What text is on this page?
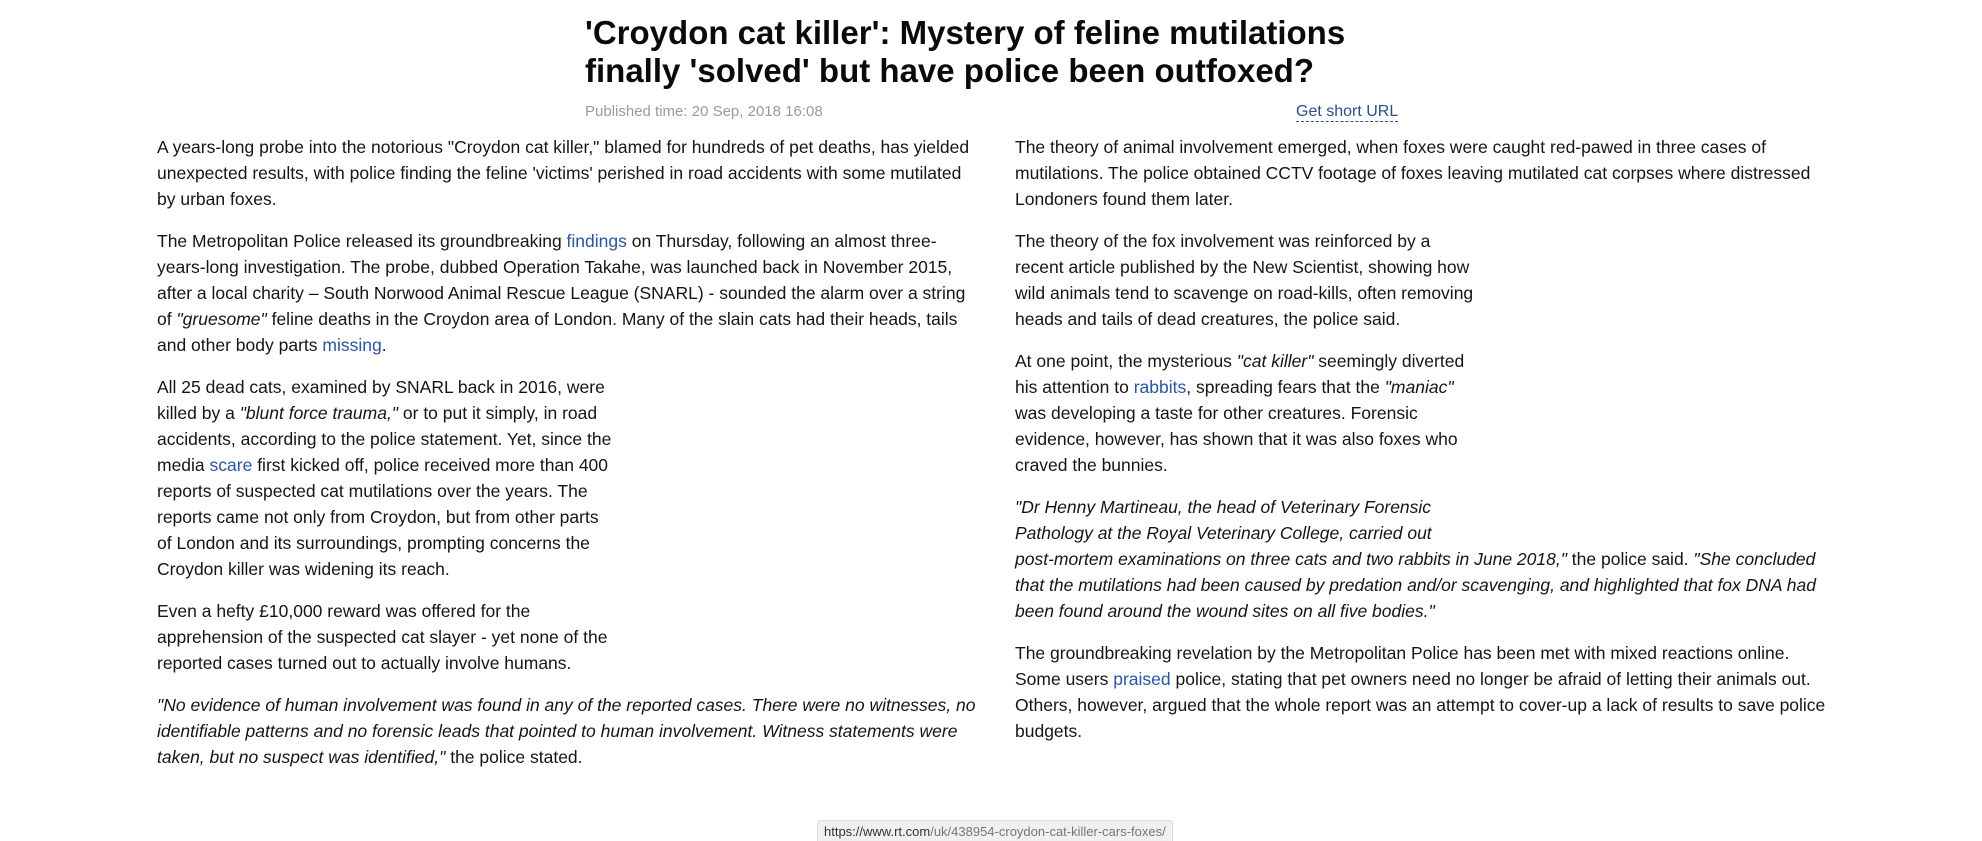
'Croydon cat killer': Mystery of feline mutilations
finally 'solved' but have police been outfoxed?
Published time: 20 Sep, 2018 16:08	Get short URL

A years-long probe into the notorious "Croydon cat killer," blamed for hundreds of pet deaths, has yielded unexpected results, with police finding the feline 'victims' perished in road accidents with some mutilated by urban foxes.

The Metropolitan Police released its groundbreaking findings on Thursday, following an almost three-years-long investigation. The probe, dubbed Operation Takahe, was launched back in November 2015, after a local charity – South Norwood Animal Rescue League (SNARL) - sounded the alarm over a string of "gruesome" feline deaths in the Croydon area of London. Many of the slain cats had their heads, tails and other body parts missing.

All 25 dead cats, examined by SNARL back in 2016, were killed by a "blunt force trauma," or to put it simply, in road accidents, according to the police statement. Yet, since the media scare first kicked off, police received more than 400 reports of suspected cat mutilations over the years. The reports came not only from Croydon, but from other parts of London and its surroundings, prompting concerns the Croydon killer was widening its reach.

Even a hefty £10,000 reward was offered for the apprehension of the suspected cat slayer - yet none of the reported cases turned out to actually involve humans.

"No evidence of human involvement was found in any of the reported cases. There were no witnesses, no identifiable patterns and no forensic leads that pointed to human involvement. Witness statements were taken, but no suspect was identified," the police stated.

The theory of animal involvement emerged, when foxes were caught red-pawed in three cases of mutilations. The police obtained CCTV footage of foxes leaving mutilated cat corpses where distressed Londoners found them later.

The theory of the fox involvement was reinforced by a recent article published by the New Scientist, showing how wild animals tend to scavenge on road-kills, often removing heads and tails of dead creatures, the police said.

At one point, the mysterious "cat killer" seemingly diverted his attention to rabbits, spreading fears that the "maniac" was developing a taste for other creatures. Forensic evidence, however, has shown that it was also foxes who craved the bunnies.

"Dr Henny Martineau, the head of Veterinary Forensic Pathology at the Royal Veterinary College, carried out
post-mortem examinations on three cats and two rabbits in June 2018," the police said. "She concluded that the mutilations had been caused by predation and/or scavenging, and highlighted that fox DNA had been found around the wound sites on all five bodies."

The groundbreaking revelation by the Metropolitan Police has been met with mixed reactions online. Some users praised police, stating that pet owners need no longer be afraid of letting their animals out. Others, however, argued that the whole report was an attempt to cover-up a lack of results to save police budgets.

https://www.rt.com/uk/438954-croydon-cat-killer-cars-foxes/
